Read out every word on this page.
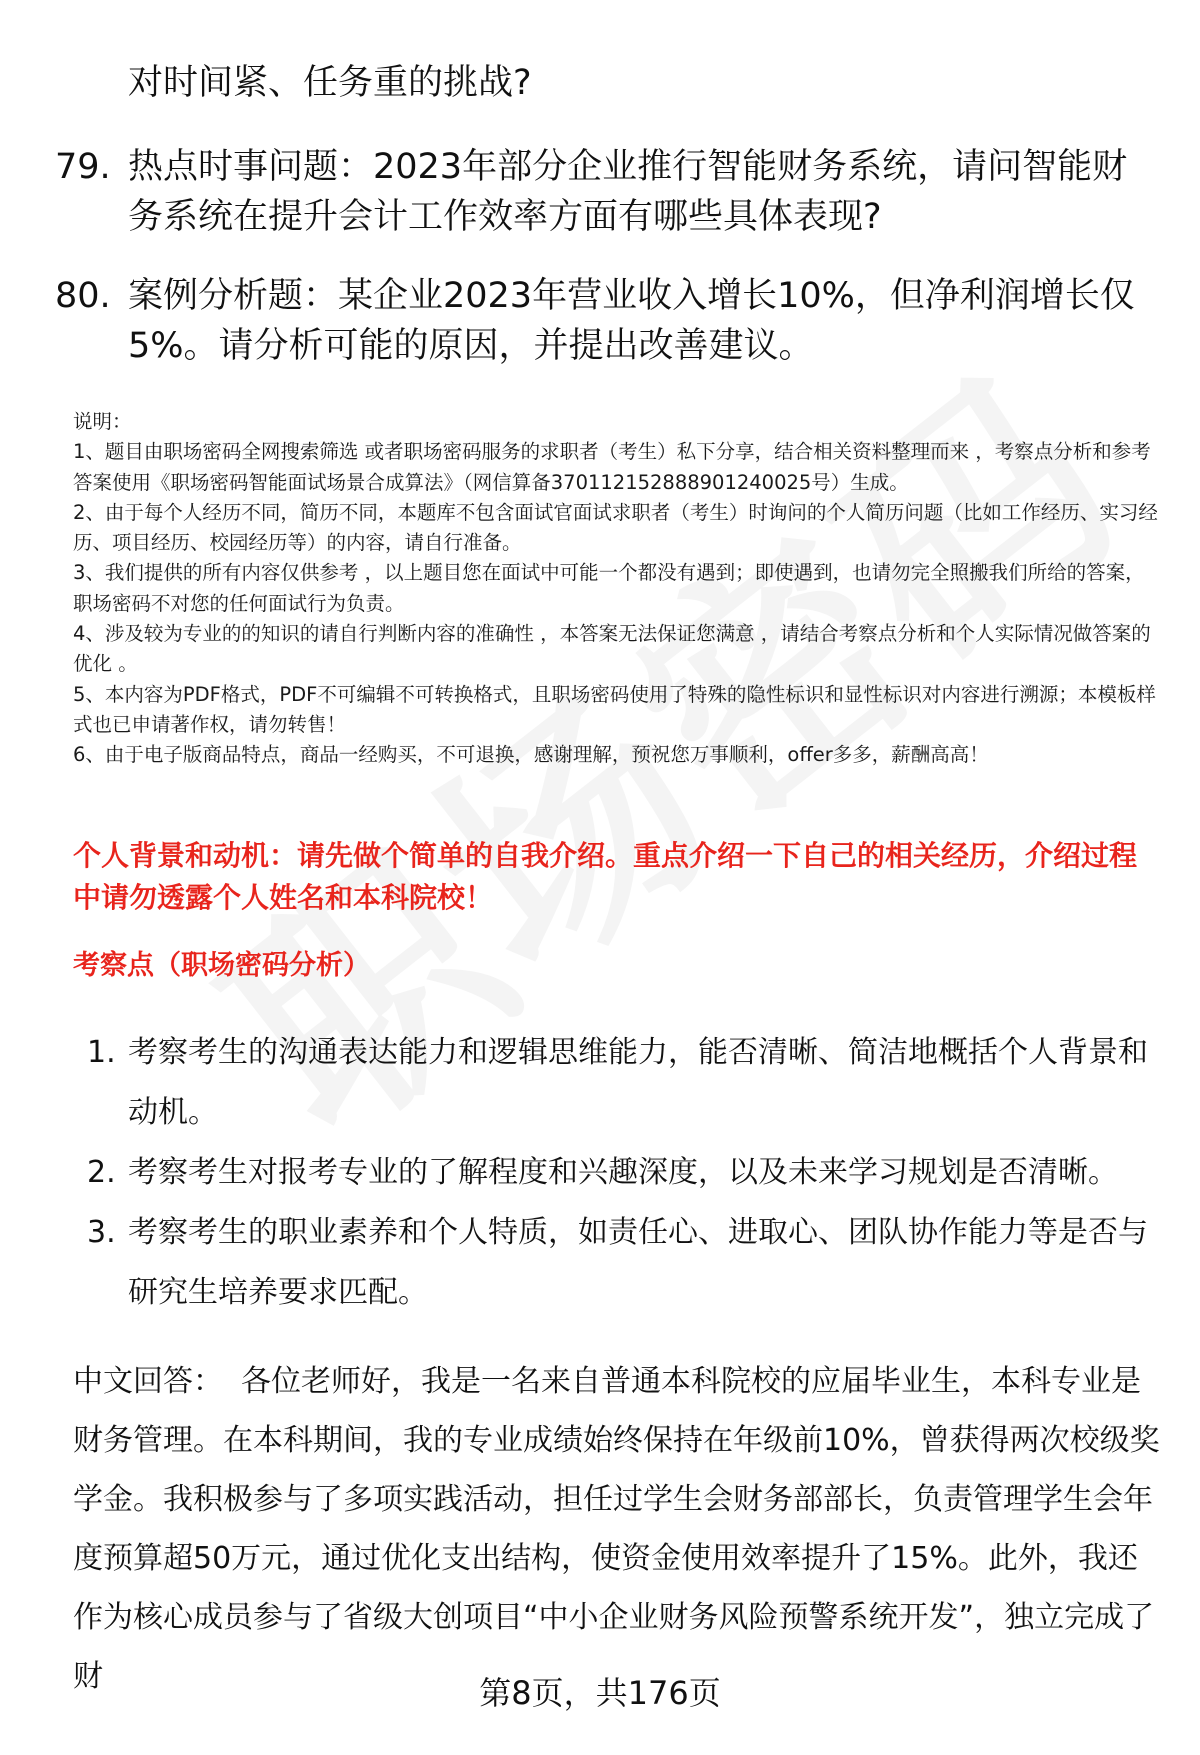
对时间紧、任务重的挑战?

79. 热点时事问题：2023年部分企业推行智能财务系统，请问智能财务系统在提升会计工作效率方面有哪些具体表现?
80. 案例分析题：某企业2023年营业收入增长10%，但净利润增长仅5%。请分析可能的原因，并提出改善建议。

说明：

1、题目由职场密码全网搜索筛选 或者职场密码服务的求职者（考生）私下分享，结合相关资料整理而来 ，考察点分析和参考答案使用《职场密码智能面试场景合成算法》（网信算备370112152888901240025号）生成。

2、由于每个人经历不同，简历不同，本题库不包含面试官面试求职者（考生）时询问的个人简历问题（比如工作经历、实习经历、项目经历、校园经历等）的内容，请自行准备。

3、我们提供的所有内容仅供参考 ，以上题目您在面试中可能一个都没有遇到；即使遇到，也请勿完全照搬我们所给的答案，职场密码不对您的任何面试行为负责。

4、涉及较为专业的的知识的请自行判断内容的准确性 ，本答案无法保证您满意 ，请结合考察点分析和个人实际情况做答案的优化 。

5、本内容为PDF格式，PDF不可编辑不可转换格式，且职场密码使用了特殊的隐性标识和显性标识对内容进行溯源；本模板样式也已申请著作权，请勿转售！

6、由于电子版商品特点，商品一经购买，不可退换，感谢理解，预祝您万事顺利，offer多多，薪酬高高！

个人背景和动机：请先做个简单的自我介绍。重点介绍一下自己的相关经历，介绍过程中请勿透露个人姓名和本科院校！
考察点（职场密码分析）
1. 考察考生的沟通表达能力和逻辑思维能力，能否清晰、简洁地概括个人背景和动机。
2. 考察考生对报考专业的了解程度和兴趣深度，以及未来学习规划是否清晰。
3. 考察考生的职业素养和个人特质，如责任心、进取心、团队协作能力等是否与研究生培养要求匹配。
中文回答： 各位老师好，我是一名来自普通本科院校的应届毕业生，本科专业是财务管理。在本科期间，我的专业成绩始终保持在年级前10%，曾获得两次校级奖学金。我积极参与了多项实践活动，担任过学生会财务部部长，负责管理学生会年度预算超50万元，通过优化支出结构，使资金使用效率提升了15%。此外，我还作为核心成员参与了省级大创项目“中小企业财务风险预警系统开发”，独立完成了财	第8页，共176页
